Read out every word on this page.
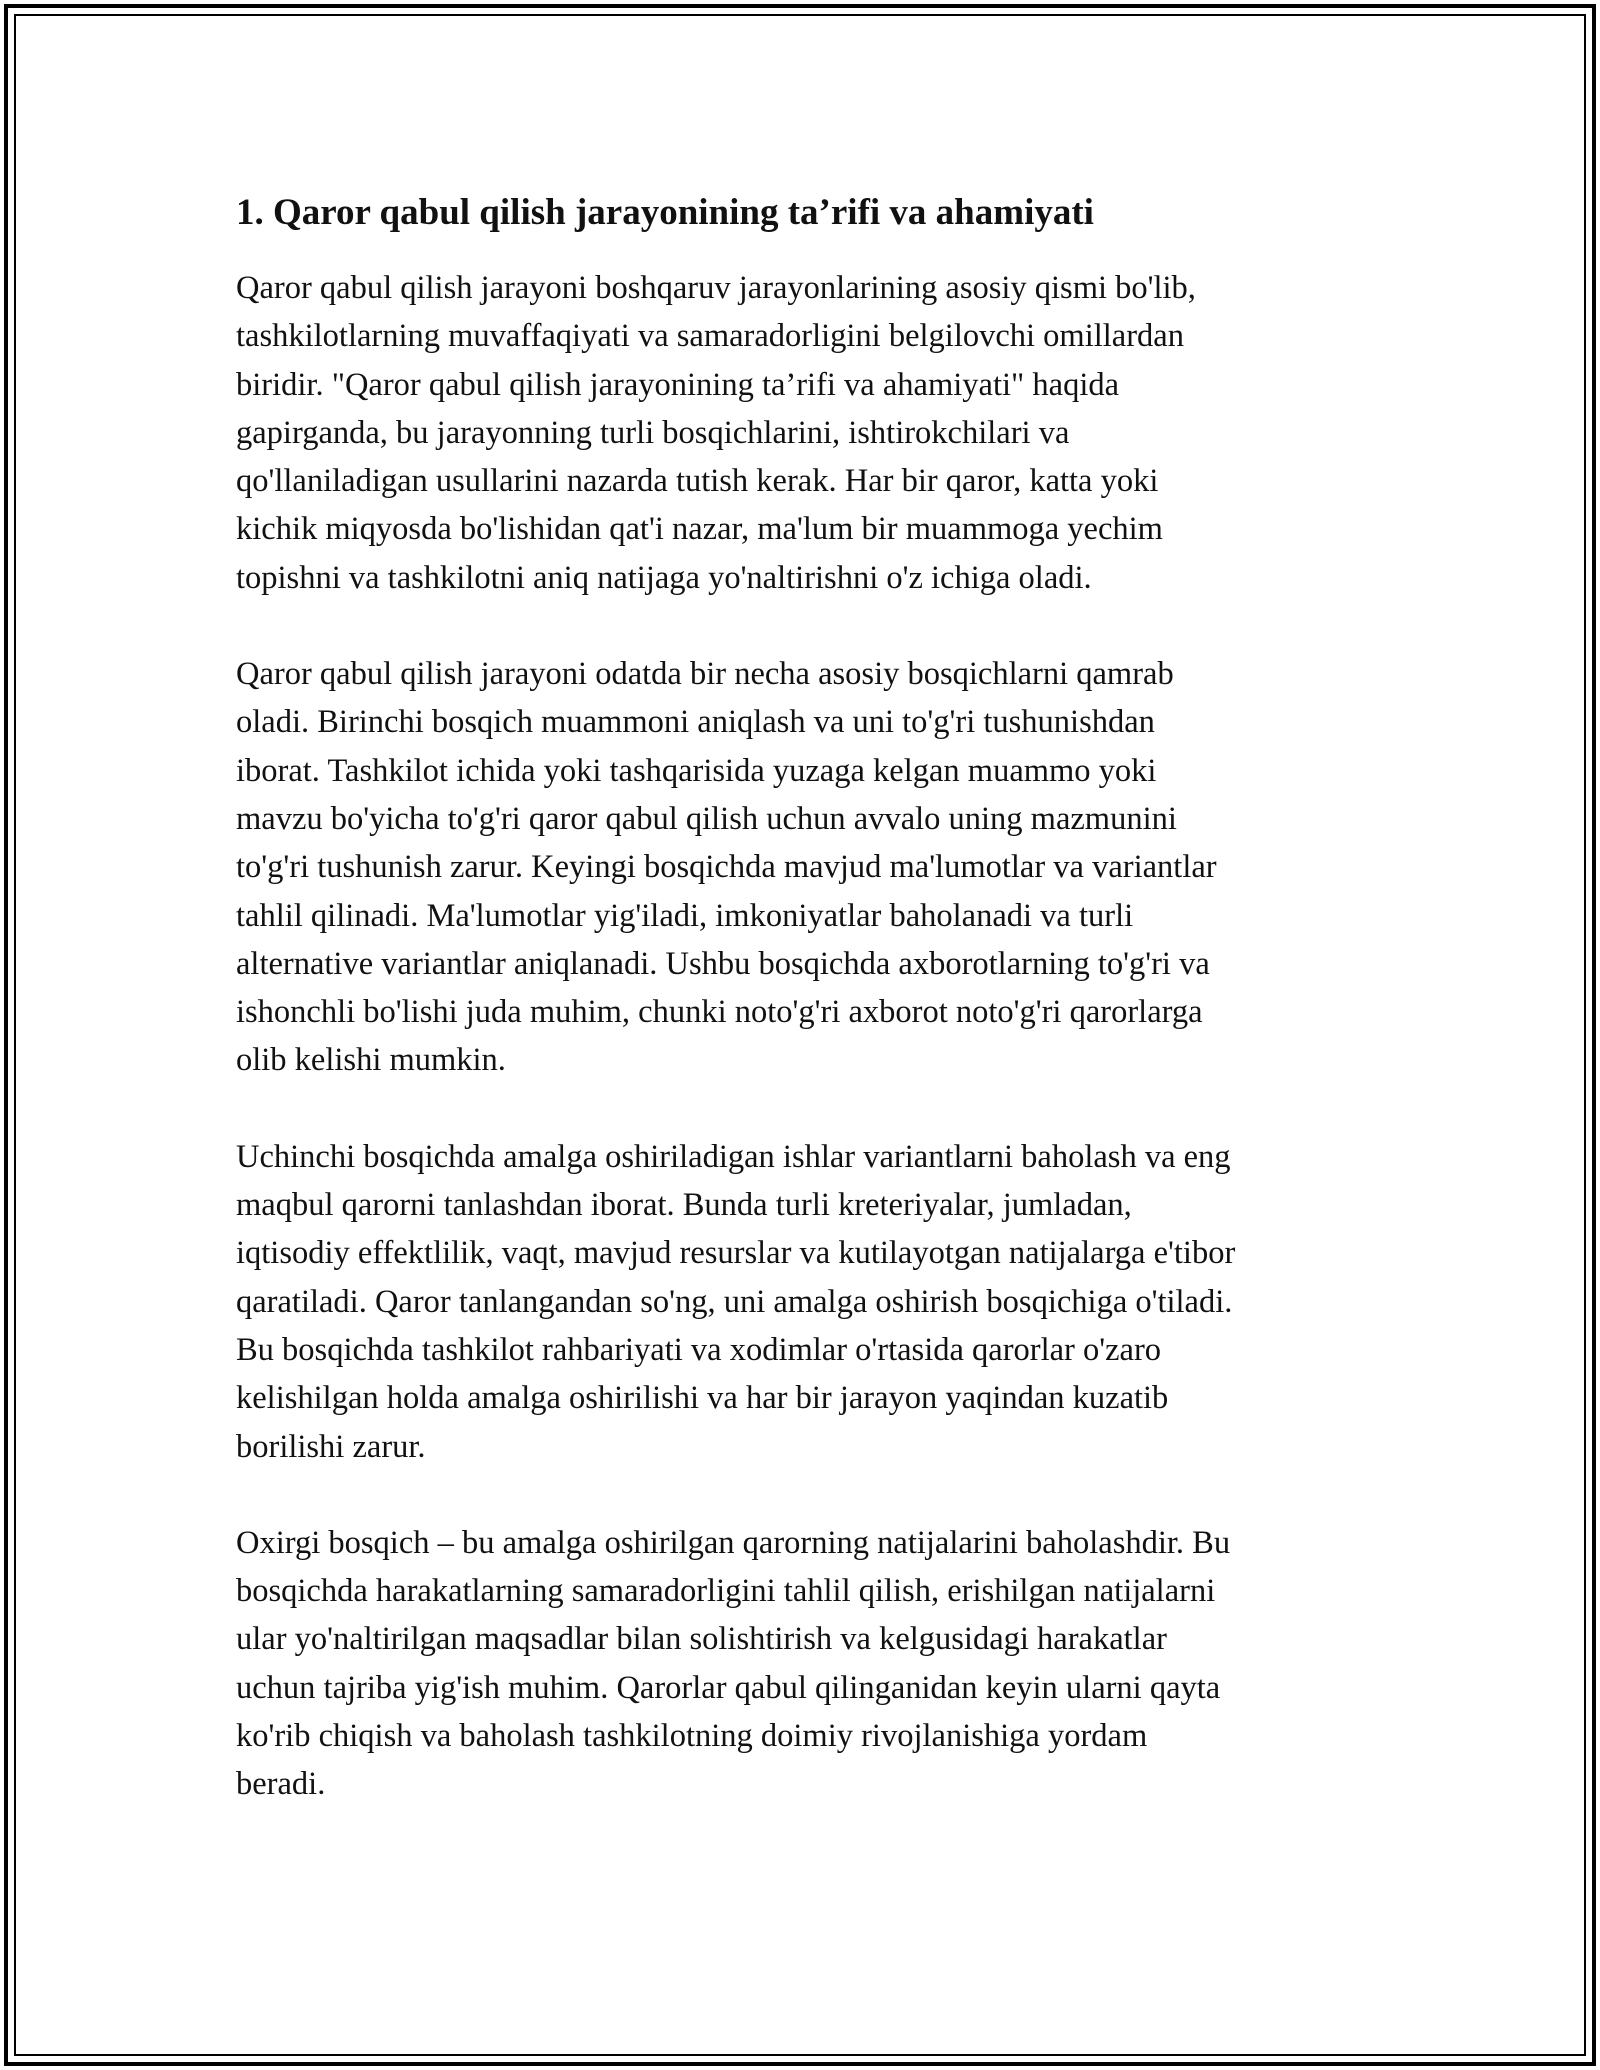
1. Qaror qabul qilish jarayonining ta’rifi va ahamiyati

Qaror qabul qilish jarayoni boshqaruv jarayonlarining asosiy qismi bo'lib,
tashkilotlarning muvaffaqiyati va samaradorligini belgilovchi omillardan
biridir. "Qaror qabul qilish jarayonining ta’rifi va ahamiyati" haqida
gapirganda, bu jarayonning turli bosqichlarini, ishtirokchilari va
qo'llaniladigan usullarini nazarda tutish kerak. Har bir qaror, katta yoki
kichik miqyosda bo'lishidan qat'i nazar, ma'lum bir muammoga yechim
topishni va tashkilotni aniq natijaga yo'naltirishni o'z ichiga oladi.

Qaror qabul qilish jarayoni odatda bir necha asosiy bosqichlarni qamrab
oladi. Birinchi bosqich muammoni aniqlash va uni to'g'ri tushunishdan
iborat. Tashkilot ichida yoki tashqarisida yuzaga kelgan muammo yoki
mavzu bo'yicha to'g'ri qaror qabul qilish uchun avvalo uning mazmunini
to'g'ri tushunish zarur. Keyingi bosqichda mavjud ma'lumotlar va variantlar
tahlil qilinadi. Ma'lumotlar yig'iladi, imkoniyatlar baholanadi va turli
alternative variantlar aniqlanadi. Ushbu bosqichda axborotlarning to'g'ri va
ishonchli bo'lishi juda muhim, chunki noto'g'ri axborot noto'g'ri qarorlarga
olib kelishi mumkin.

Uchinchi bosqichda amalga oshiriladigan ishlar variantlarni baholash va eng
maqbul qarorni tanlashdan iborat. Bunda turli kreteriyalar, jumladan,
iqtisodiy effektlilik, vaqt, mavjud resurslar va kutilayotgan natijalarga e'tibor
qaratiladi. Qaror tanlangandan so'ng, uni amalga oshirish bosqichiga o'tiladi.
Bu bosqichda tashkilot rahbariyati va xodimlar o'rtasida qarorlar o'zaro
kelishilgan holda amalga oshirilishi va har bir jarayon yaqindan kuzatib
borilishi zarur.

Oxirgi bosqich – bu amalga oshirilgan qarorning natijalarini baholashdir. Bu
bosqichda harakatlarning samaradorligini tahlil qilish, erishilgan natijalarni
ular yo'naltirilgan maqsadlar bilan solishtirish va kelgusidagi harakatlar
uchun tajriba yig'ish muhim. Qarorlar qabul qilinganidan keyin ularni qayta
ko'rib chiqish va baholash tashkilotning doimiy rivojlanishiga yordam
beradi.
